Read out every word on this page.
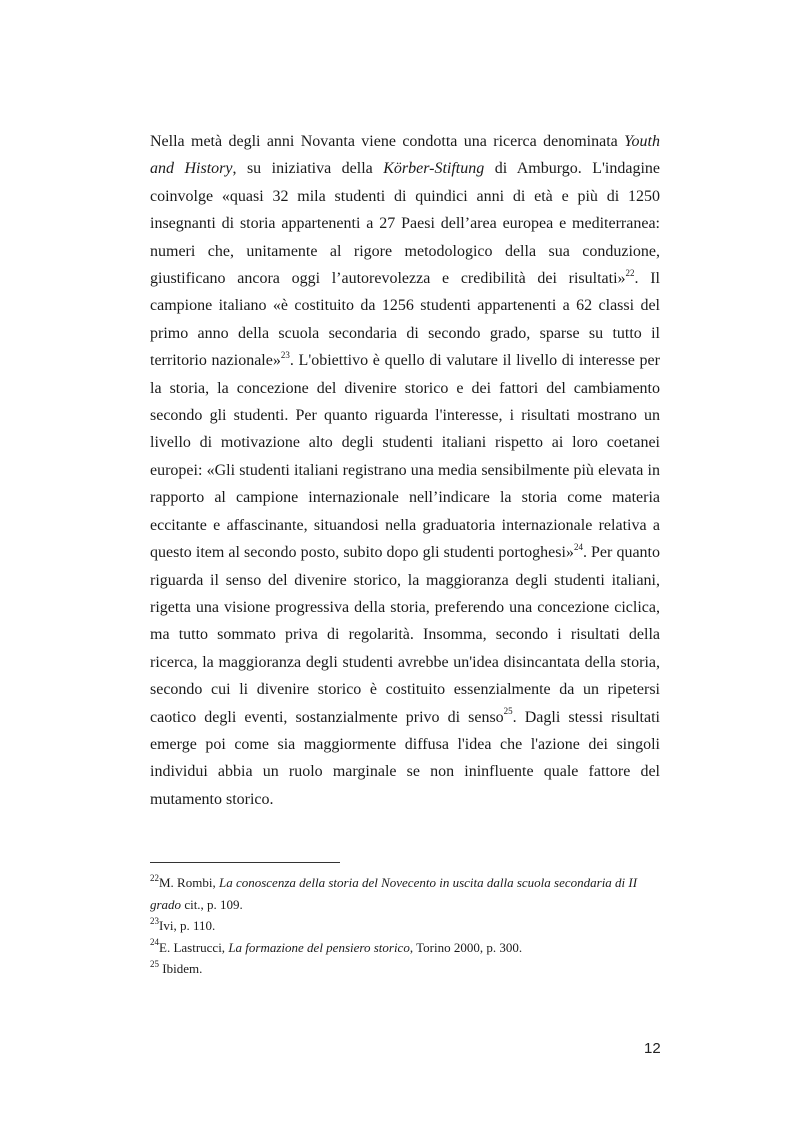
Nella metà degli anni Novanta viene condotta una ricerca denominata Youth and History, su iniziativa della Körber-Stiftung di Amburgo. L'indagine coinvolge «quasi 32 mila studenti di quindici anni di età e più di 1250 insegnanti di storia appartenenti a 27 Paesi dell’area europea e mediterranea: numeri che, unitamente al rigore metodologico della sua conduzione, giustificano ancora oggi l’autorevolezza e credibilità dei risultati»$^{22}$. Il campione italiano «è costituito da 1256 studenti appartenenti a 62 classi del primo anno della scuola secondaria di secondo grado, sparse su tutto il territorio nazionale»$^{23}$. L'obiettivo è quello di valutare il livello di interesse per la storia, la concezione del divenire storico e dei fattori del cambiamento secondo gli studenti. Per quanto riguarda l'interesse, i risultati mostrano un livello di motivazione alto degli studenti italiani rispetto ai loro coetanei europei: «Gli studenti italiani registrano una media sensibilmente più elevata in rapporto al campione internazionale nell’indicare la storia come materia eccitante e affascinante, situandosi nella graduatoria internazionale relativa a questo item al secondo posto, subito dopo gli studenti portoghesi»$^{24}$. Per quanto riguarda il senso del divenire storico, la maggioranza degli studenti italiani, rigetta una visione progressiva della storia, preferendo una concezione ciclica, ma tutto sommato priva di regolarità. Insomma, secondo i risultati della ricerca, la maggioranza degli studenti avrebbe un'idea disincantata della storia, secondo cui li divenire storico è costituito essenzialmente da un ripetersi caotico degli eventi, sostanzialmente privo di senso$^{25}$. Dagli stessi risultati emerge poi come sia maggiormente diffusa l'idea che l'azione dei singoli individui abbia un ruolo marginale se non ininfluente quale fattore del mutamento storico.

$^{22}$M. Rombi, La conoscenza della storia del Novecento in uscita dalla scuola secondaria di II grado cit., p. 109.

$^{23}$Ivi, p. 110.

$^{24}$E. Lastrucci, La formazione del pensiero storico, Torino 2000, p. 300.

$^{25}$ Ibidem.

12
